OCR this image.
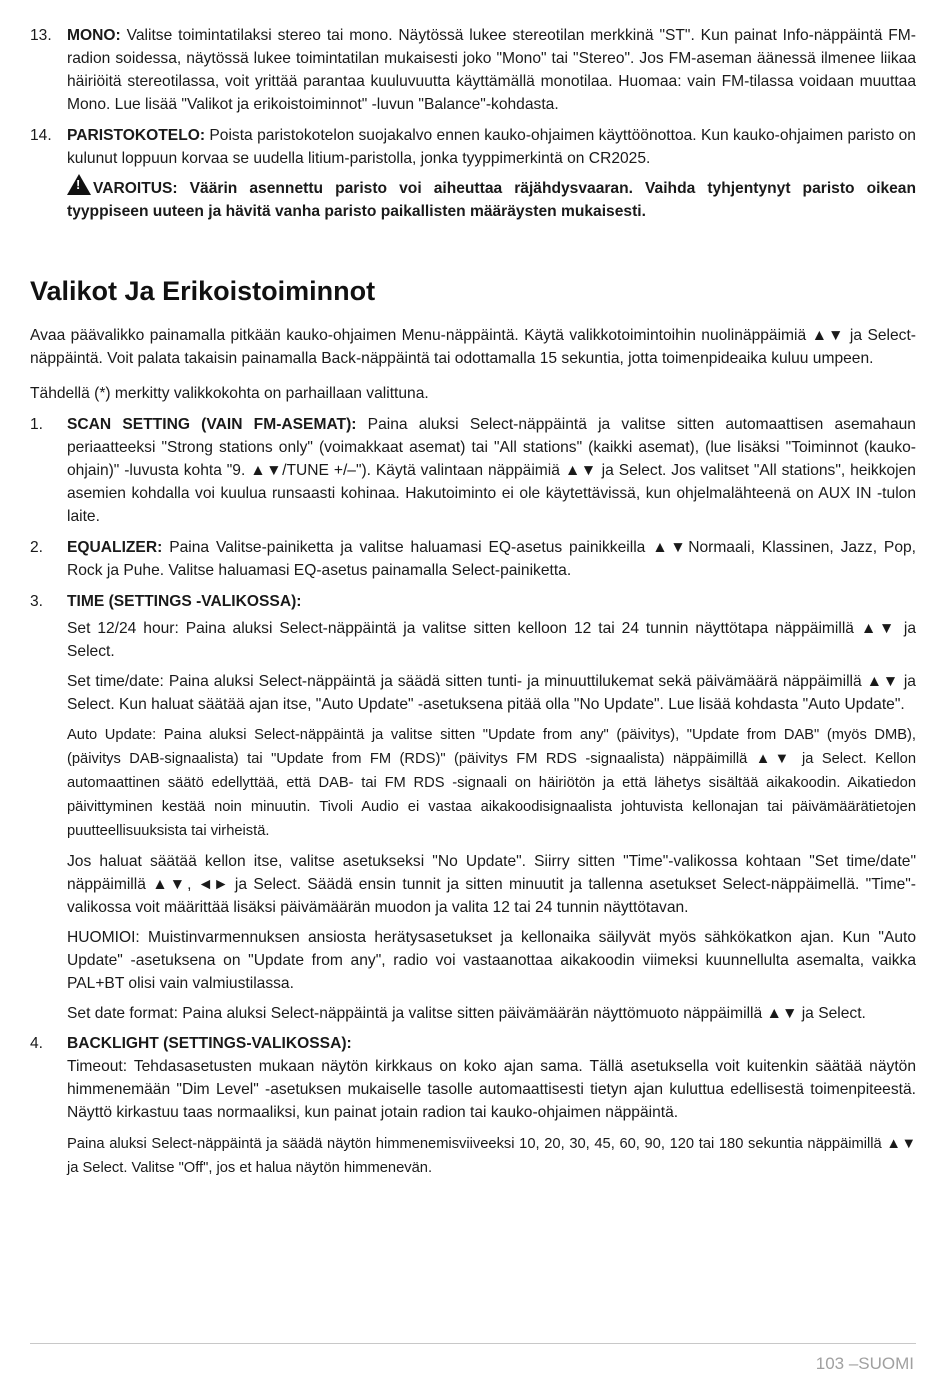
13. MONO: Valitse toimintatilaksi stereo tai mono. Näytössä lukee stereotilan merkkinä "ST". Kun painat Info-näppäintä FM-radion soidessa, näytössä lukee toimintatilan mukaisesti joko "Mono" tai "Stereo". Jos FM-aseman äänessä ilmenee liikaa häiriöitä stereotilassa, voit yrittää parantaa kuuluvuutta käyttämällä monotilaa. Huomaa: vain FM-tilassa voidaan muuttaa Mono. Lue lisää "Valikot ja erikoistoiminnot" -luvun "Balance"-kohdasta.
14. PARISTOKOTELO: Poista paristokotelon suojakalvo ennen kauko-ohjaimen käyttöönottoa. Kun kauko-ohjaimen paristo on kulunut loppuun korvaa se uudella litium-paristolla, jonka tyyppimerkintä on CR2025.
! VAROITUS: Väärin asennettu paristo voi aiheuttaa räjähdysvaaran. Vaihda tyhjentynyt paristo oikean tyyppiseen uuteen ja hävitä vanha paristo paikallisten määräysten mukaisesti.
Valikot Ja Erikoistoiminnot

Avaa päävalikko painamalla pitkään kauko-ohjaimen Menu-näppäintä. Käytä valikkotoimintoihin nuolinäppäimiä ▲▼ ja Select-näppäintä. Voit palata takaisin painamalla Back-näppäintä tai odottamalla 15 sekuntia, jotta toimenpideaika kuluu umpeen.

Tähdellä (*) merkitty valikkokohta on parhaillaan valittuna.

1.	SCAN SETTING (VAIN FM-ASEMAT): Paina aluksi Select-näppäintä ja valitse sitten automaattisen asemahaun periaatteeksi "Strong stations only" (voimakkaat asemat) tai "All stations" (kaikki asemat), (lue lisäksi "Toiminnot (kauko-ohjain)" -luvusta kohta "9. ▲▼/TUNE +/–"). Käytä valintaan näppäimiä ▲▼ ja Select. Jos valitset "All stations", heikkojen asemien kohdalla voi kuulua runsaasti kohinaa. Hakutoiminto ei ole käytettävissä, kun ohjelmalähteenä on AUX IN -tulon laite.
2.	EQUALIZER: Paina Valitse-painiketta ja valitse haluamasi EQ-asetus painikkeilla ▲▼Normaali, Klassinen, Jazz, Pop, Rock ja Puhe. Valitse haluamasi EQ-asetus painamalla Select-painiketta.
3.	TIME (SETTINGS -VALIKOSSA):

Set 12/24 hour: Paina aluksi Select-näppäintä ja valitse sitten kelloon 12 tai 24 tunnin näyttötapa näppäimillä ▲▼ ja Select.

Set time/date: Paina aluksi Select-näppäintä ja säädä sitten tunti- ja minuuttilukemat sekä päivämäärä näppäimillä ▲▼ ja Select. Kun haluat säätää ajan itse, "Auto Update" -asetuksena pitää olla "No Update". Lue lisää kohdasta "Auto Update".

Auto Update: Paina aluksi Select-näppäintä ja valitse sitten "Update from any" (päivitys), "Update from DAB" (myös DMB), (päivitys DAB-signaalista) tai "Update from FM (RDS)" (päivitys FM RDS -signaalista) näppäimillä ▲▼ ja Select. Kellon automaattinen säätö edellyttää, että DAB- tai FM RDS -signaali on häiriötön ja että lähetys sisältää aikakoodin. Aikatiedon päivittyminen kestää noin minuutin. Tivoli Audio ei vastaa aikakoodisignaalista johtuvista kellonajan tai päivämäärätietojen puutteellisuuksista tai virheistä.

Jos haluat säätää kellon itse, valitse asetukseksi "No Update". Siirry sitten "Time"-valikossa kohtaan "Set time/date" näppäimillä ▲▼, ◄► ja Select. Säädä ensin tunnit ja sitten minuutit ja tallenna asetukset Select-näppäimellä. "Time"-valikossa voit määrittää lisäksi päivämäärän muodon ja valita 12 tai 24 tunnin näyttötavan.

HUOMIOI: Muistinvarmennuksen ansiosta herätysasetukset ja kellonaika säilyvät myös sähkökatkon ajan. Kun "Auto Update" -asetuksena on "Update from any", radio voi vastaanottaa aikakoodin viimeksi kuunnellulta asemalta, vaikka PAL+BT olisi vain valmiustilassa.

Set date format: Paina aluksi Select-näppäintä ja valitse sitten päivämäärän näyttömuoto näppäimillä ▲▼ ja Select.

4.	BACKLIGHT (SETTINGS-VALIKOSSA):
Timeout: Tehdasasetusten mukaan näytön kirkkaus on koko ajan sama. Tällä asetuksella voit kuitenkin säätää näytön himmenemään "Dim Level" -asetuksen mukaiselle tasolle automaattisesti tietyn ajan kuluttua edellisestä toimenpiteestä. Näyttö kirkastuu taas normaaliksi, kun painat jotain radion tai kauko-ohjaimen näppäintä.

Paina aluksi Select-näppäintä ja säädä näytön himmenemisviiveeksi 10, 20, 30, 45, 60, 90, 120 tai 180 sekuntia näppäimillä ▲▼ ja Select. Valitse "Off", jos et halua näytön himmenevän.

103 –SUOMI
